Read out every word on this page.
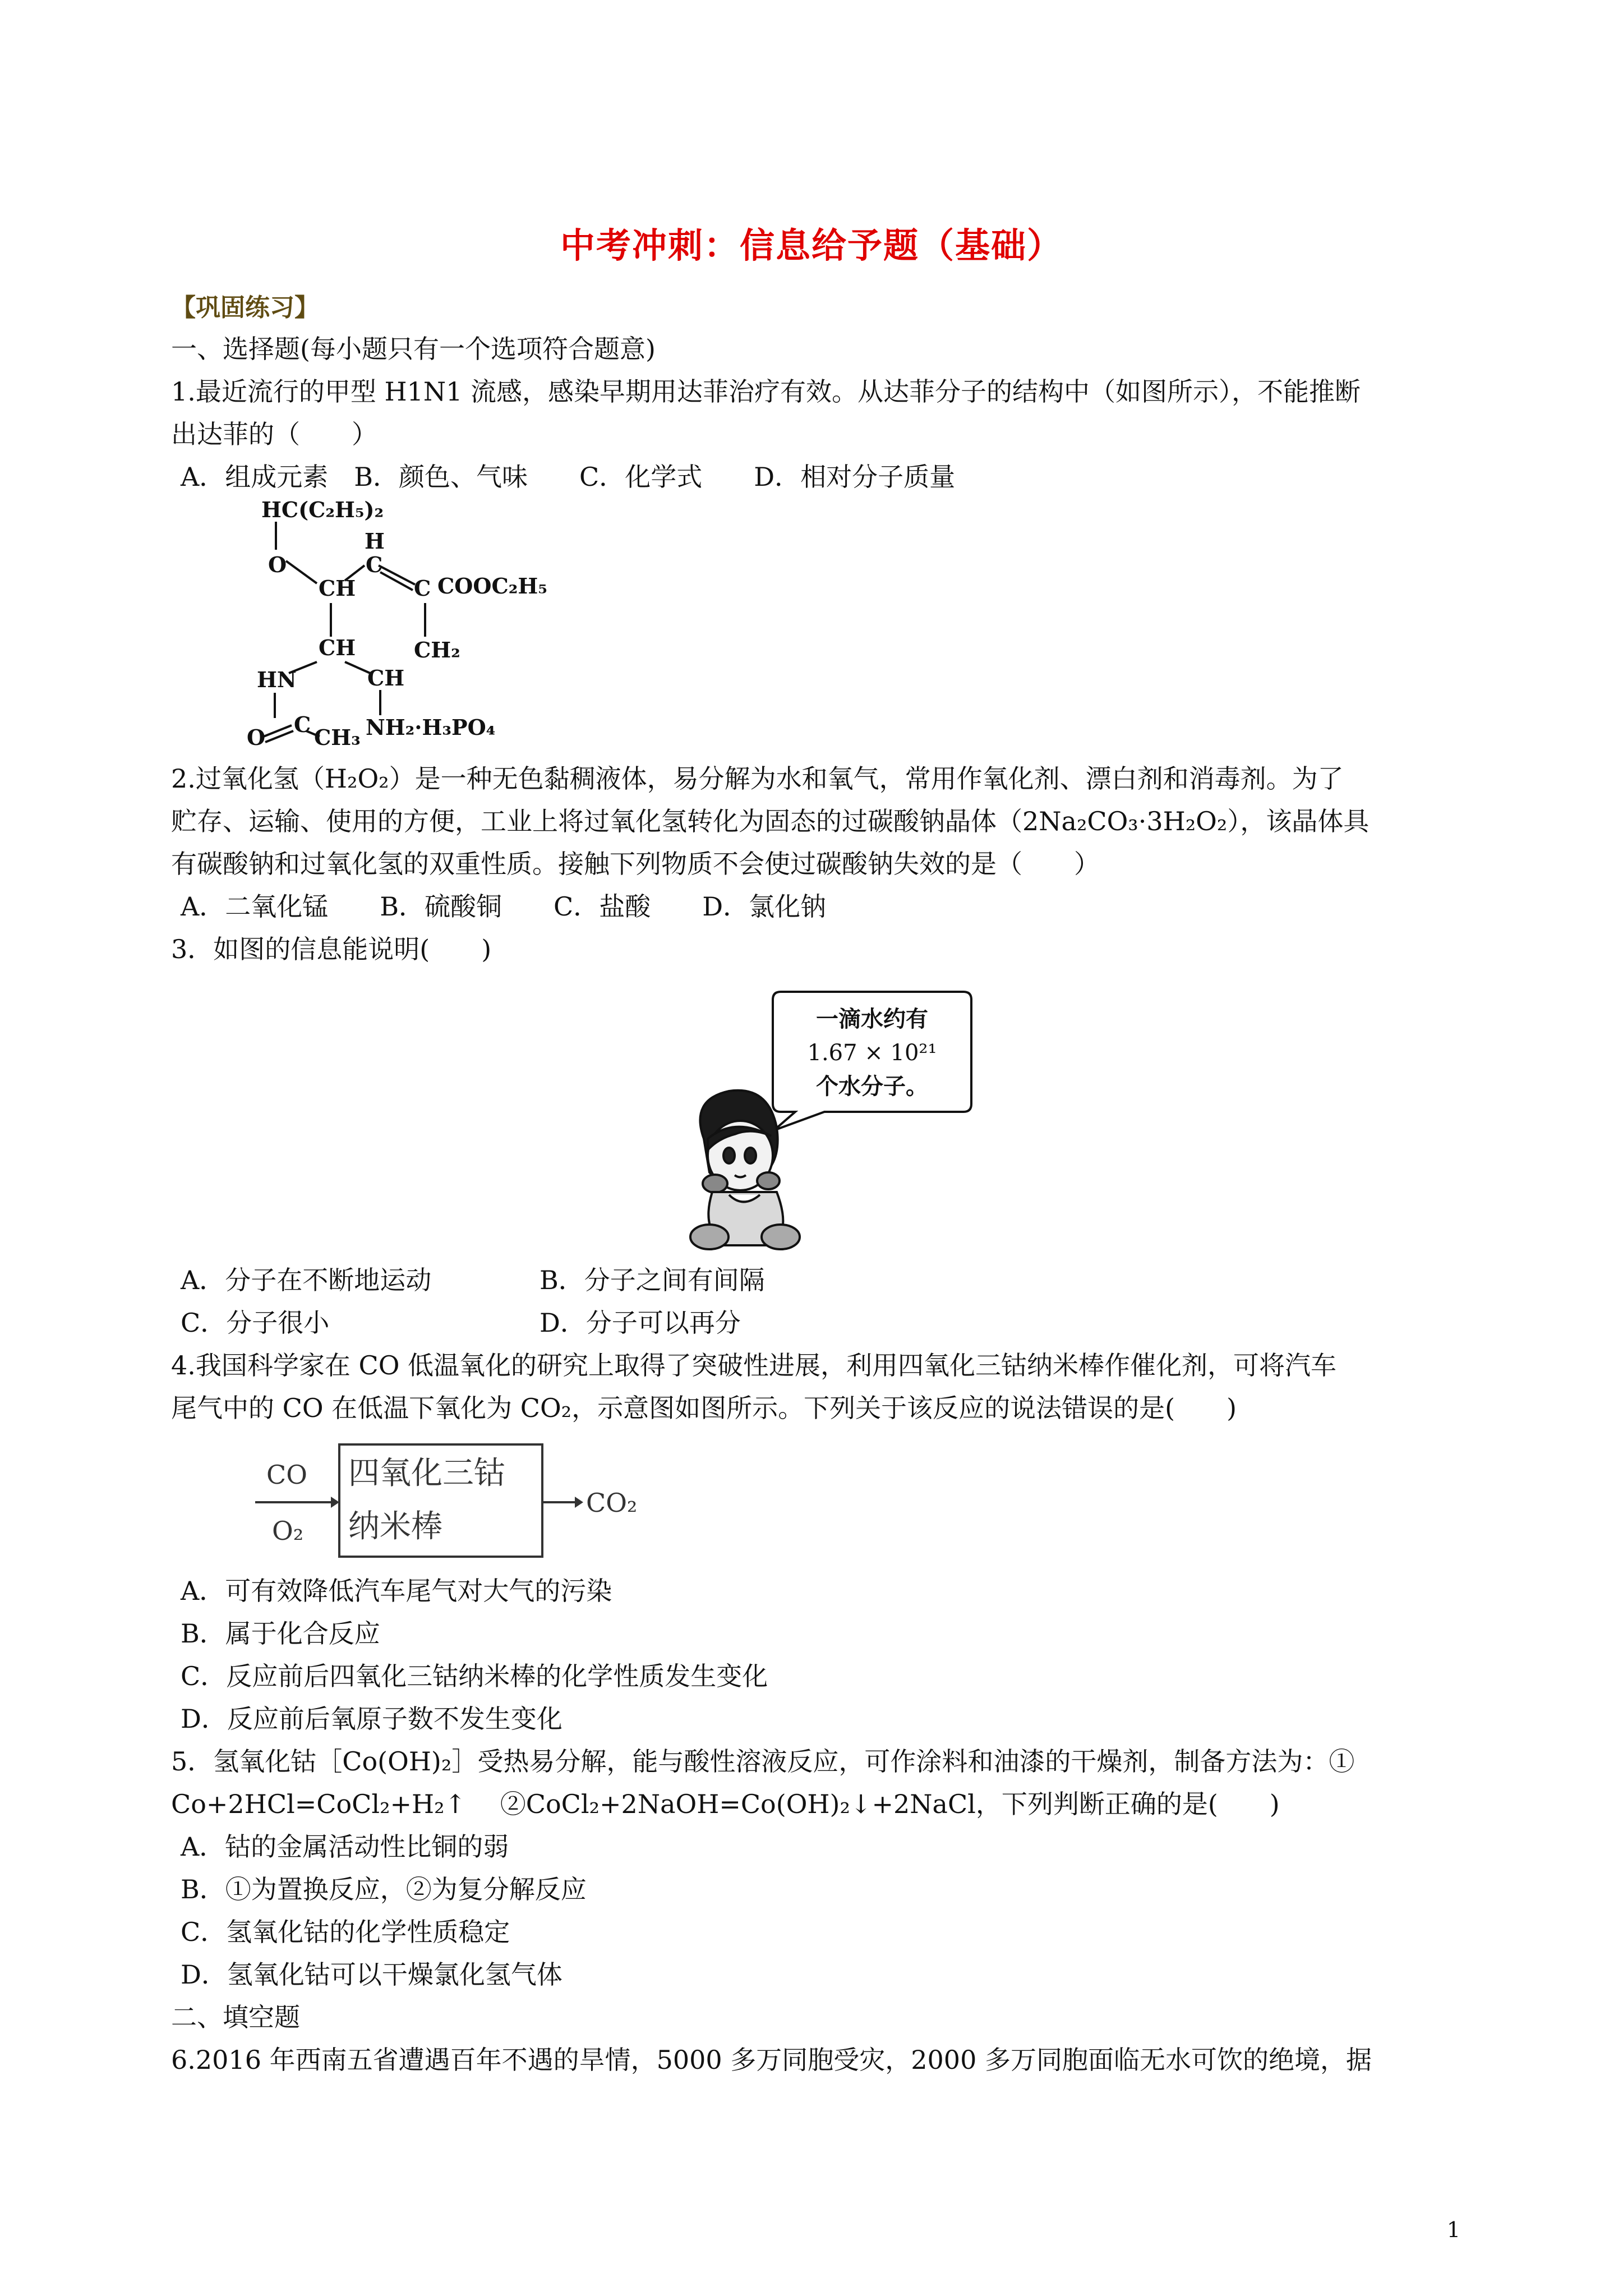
中考冲刺：信息给予题（基础）
【巩固练习】
一、选择题(每小题只有一个选项符合题意)
1.最近流行的甲型 H1N1 流感，感染早期用达菲治疗有效。从达菲分子的结构中（如图所示），不能推断
出达菲的（　　）
A．组成元素　B．颜色、气味　　C．化学式　　D．相对分子质量
HC(C₂H₅)₂
O
H
C
CH	C COOC₂H₅
CH	CH₂
HN	CH
O
C
CH₃ NH₂·H₃PO₄
2.过氧化氢（H₂O₂）是一种无色黏稠液体，易分解为水和氧气，常用作氧化剂、漂白剂和消毒剂。为了
贮存、运输、使用的方便，工业上将过氧化氢转化为固态的过碳酸钠晶体（2Na₂CO₃·3H₂O₂），该晶体具
有碳酸钠和过氧化氢的双重性质。接触下列物质不会使过碳酸钠失效的是（　　）
A．二氧化锰　　B．硫酸铜　　C．盐酸　　D．氯化钠
3．如图的信息能说明(　　)
一滴水约有
1.67 × 10²¹
个水分子。
A．分子在不断地运动	B．分子之间有间隔
C．分子很小	D．分子可以再分
4.我国科学家在 CO 低温氧化的研究上取得了突破性进展，利用四氧化三钴纳米棒作催化剂，可将汽车
尾气中的 CO 在低温下氧化为 CO₂，示意图如图所示。下列关于该反应的说法错误的是(　　)
CO
O₂
CO₂
四氧化三钴
纳米棒
A．可有效降低汽车尾气对大气的污染
B．属于化合反应
C．反应前后四氧化三钴纳米棒的化学性质发生变化
D．反应前后氧原子数不发生变化
5．氢氧化钴［Co(OH)₂］受热易分解，能与酸性溶液反应，可作涂料和油漆的干燥剂，制备方法为：①
Co+2HCl=CoCl₂+H₂↑　 ②CoCl₂+2NaOH=Co(OH)₂↓+2NaCl，下列判断正确的是(　　)
A．钴的金属活动性比铜的弱
B．①为置换反应，②为复分解反应
C．氢氧化钴的化学性质稳定
D．氢氧化钴可以干燥氯化氢气体
二、填空题
6.2016 年西南五省遭遇百年不遇的旱情，5000 多万同胞受灾，2000 多万同胞面临无水可饮的绝境，据
1
